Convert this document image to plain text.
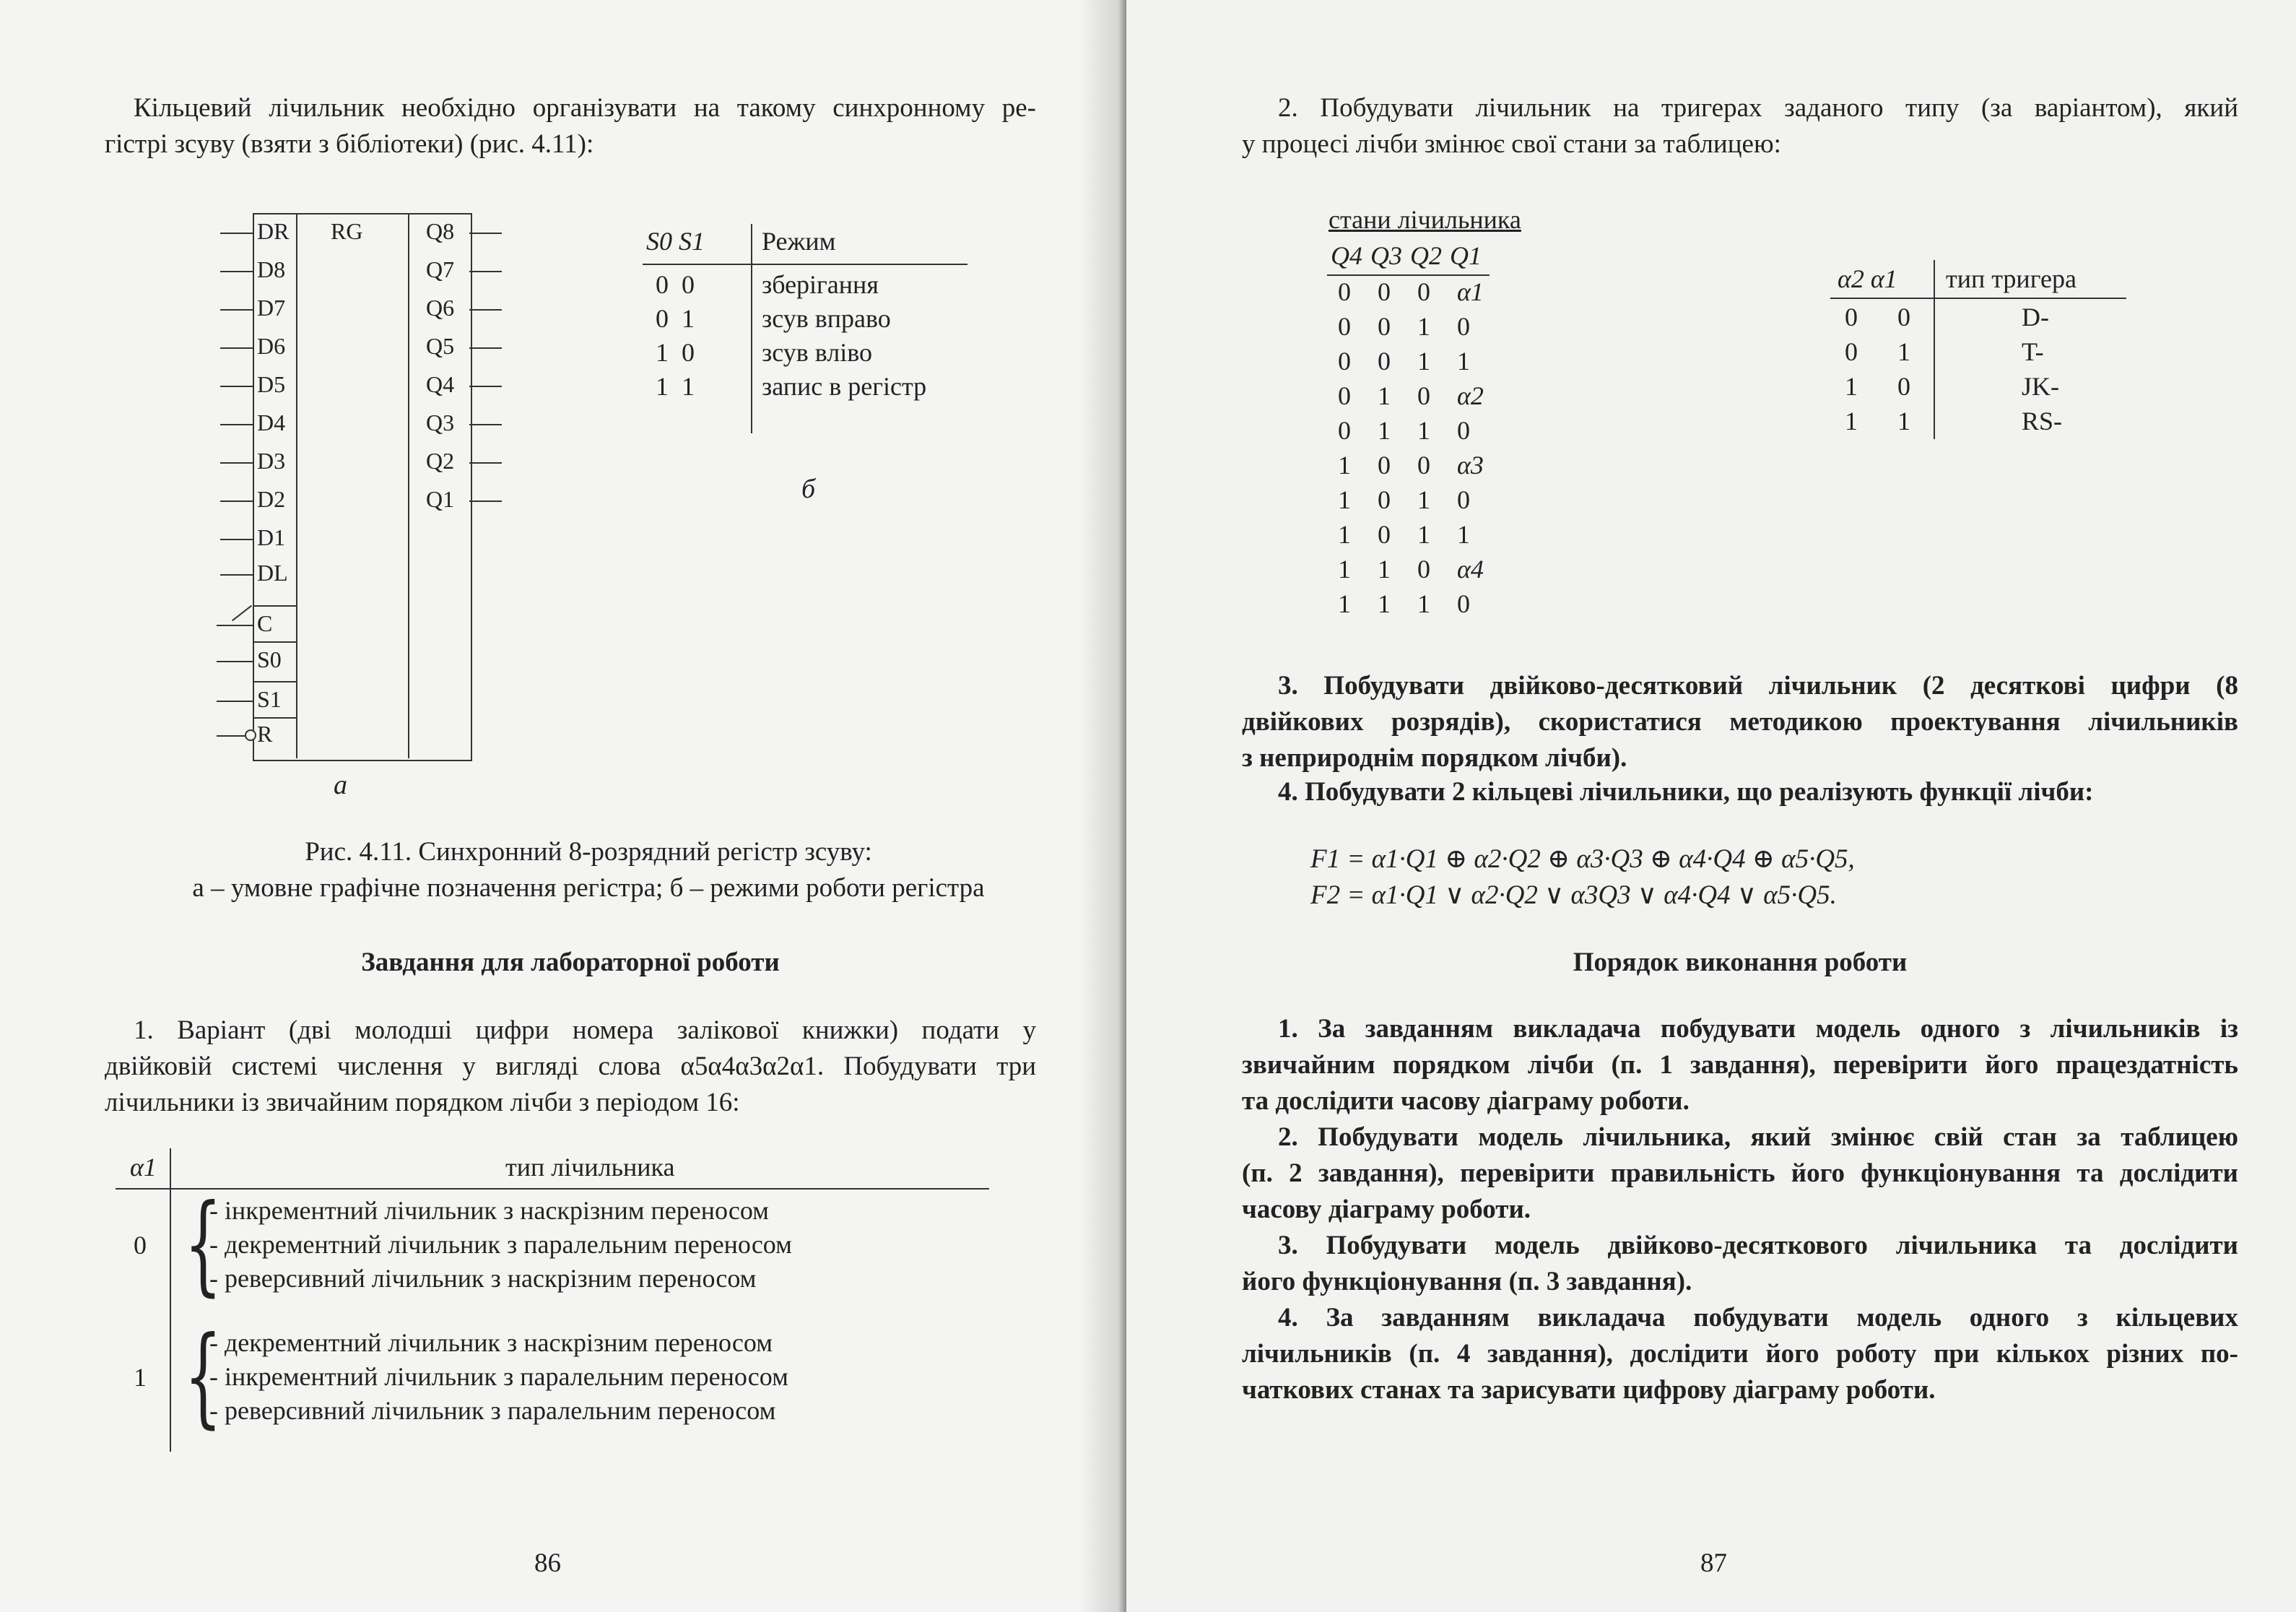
Кільцевий лічильник необхідно організувати на такому синхронному ре-
гістрі зсуву (взяти з бібліотеки) (рис. 4.11):
RG
DR
D8
D7
D6
D5
D4
D3
D2
D1
DL
Q8
Q7
Q6
Q5
Q4
Q3
Q2
Q1
C
S0
S1
R
а
S0 S1 Режим
0  0	зберігання
0  1	зсув вправо
1  0	зсув вліво
1  1	запис в регістр
б
Рис. 4.11. Синхронний 8-розрядний регістр зсуву:
а – умовне графічне позначення регістра; б – режими роботи регістра
Завдання для лабораторної роботи
1. Варіант (дві молодші цифри номера залікової книжки) подати у
двійковій системі числення у вигляді слова α5α4α3α2α1. Побудувати три
лічильники із звичайним порядком лічби з періодом 16:
α1	тип лічильника
0 {
- інкрементний лічильник з наскрізним переносом
- декрементний лічильник з паралельним переносом
- реверсивний лічильник з наскрізним переносом
1 {
- декрементний лічильник з наскрізним переносом
- інкрементний лічильник з паралельним переносом
- реверсивний лічильник з паралельним переносом
86
2. Побудувати лічильник на тригерах заданого типу (за варіантом), який
у процесі лічби змінює свої стани за таблицею:
стани лічильника
Q4 Q3 Q2 Q1
0 0 0 α1
0 0 1 0
0 0 1 1
0 1 0 α2
0 1 1 0
1 0 0 α3
1 0 1 0
1 0 1 1
1 1 0 α4
1 1 1 0
α2 α1 тип тригера
0 0	D-
0 1	T-
1 0	JK-
1 1	RS-
3. Побудувати двійково-десятковий лічильник (2 десяткові цифри (8
двійкових розрядів), скористатися методикою проектування лічильників
з неприроднім порядком лічби).
4. Побудувати 2 кільцеві лічильники, що реалізують функції лічби:
F1 = α1·Q1 ⊕ α2·Q2 ⊕ α3·Q3 ⊕ α4·Q4 ⊕ α5·Q5,
F2 = α1·Q1 ∨ α2·Q2 ∨ α3Q3 ∨ α4·Q4 ∨ α5·Q5.
Порядок виконання роботи
1. За завданням викладача побудувати модель одного з лічильників із
звичайним порядком лічби (п. 1 завдання), перевірити його працездатність
та дослідити часову діаграму роботи.
2. Побудувати модель лічильника, який змінює свій стан за таблицею
(п. 2 завдання), перевірити правильність його функціонування та дослідити
часову діаграму роботи.
3. Побудувати модель двійково-десяткового лічильника та дослідити
його функціонування (п. 3 завдання).
4. За завданням викладача побудувати модель одного з кільцевих
лічильників (п. 4 завдання), дослідити його роботу при кількох різних по-
чаткових станах та зарисувати цифрову діаграму роботи.
87
